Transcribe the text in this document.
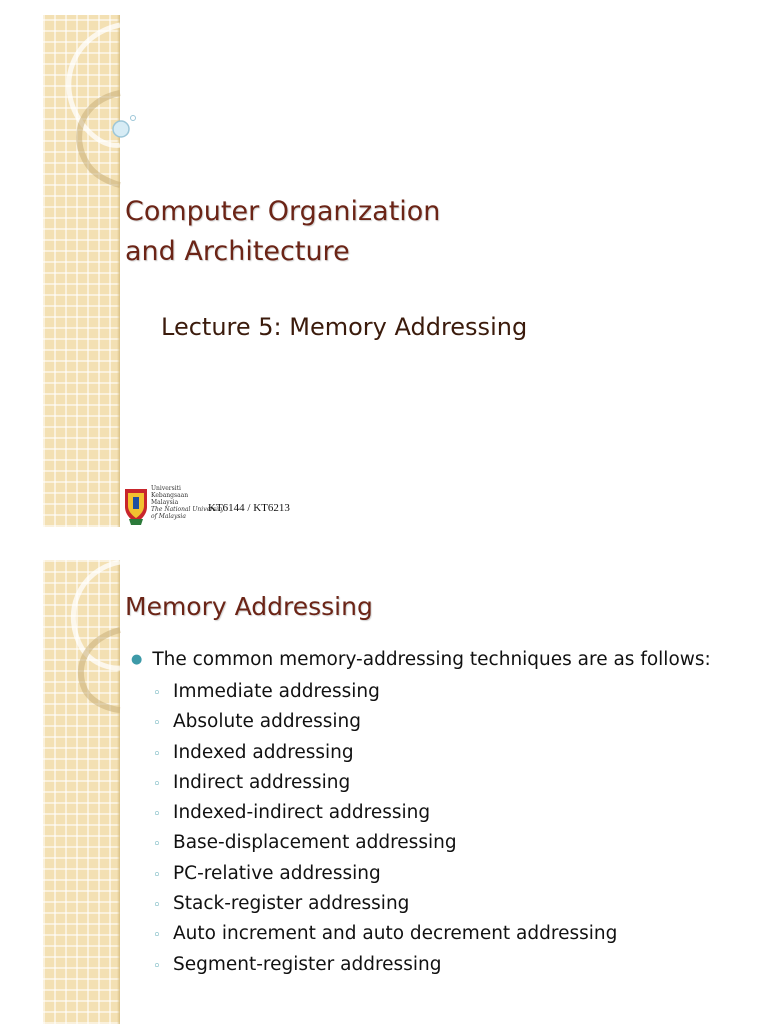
Computer Organization
and Architecture
Lecture 5: Memory Addressing
Universiti
Kebangsaan
Malaysia
The National University
of Malaysia
KT6144 / KT6213
Memory Addressing

● The common memory-addressing techniques are as follows:

◦ Immediate addressing
◦ Absolute addressing
◦ Indexed addressing
◦ Indirect addressing
◦ Indexed-indirect addressing
◦ Base-displacement addressing
◦ PC-relative addressing
◦ Stack-register addressing
◦ Auto increment and auto decrement addressing
◦ Segment-register addressing
